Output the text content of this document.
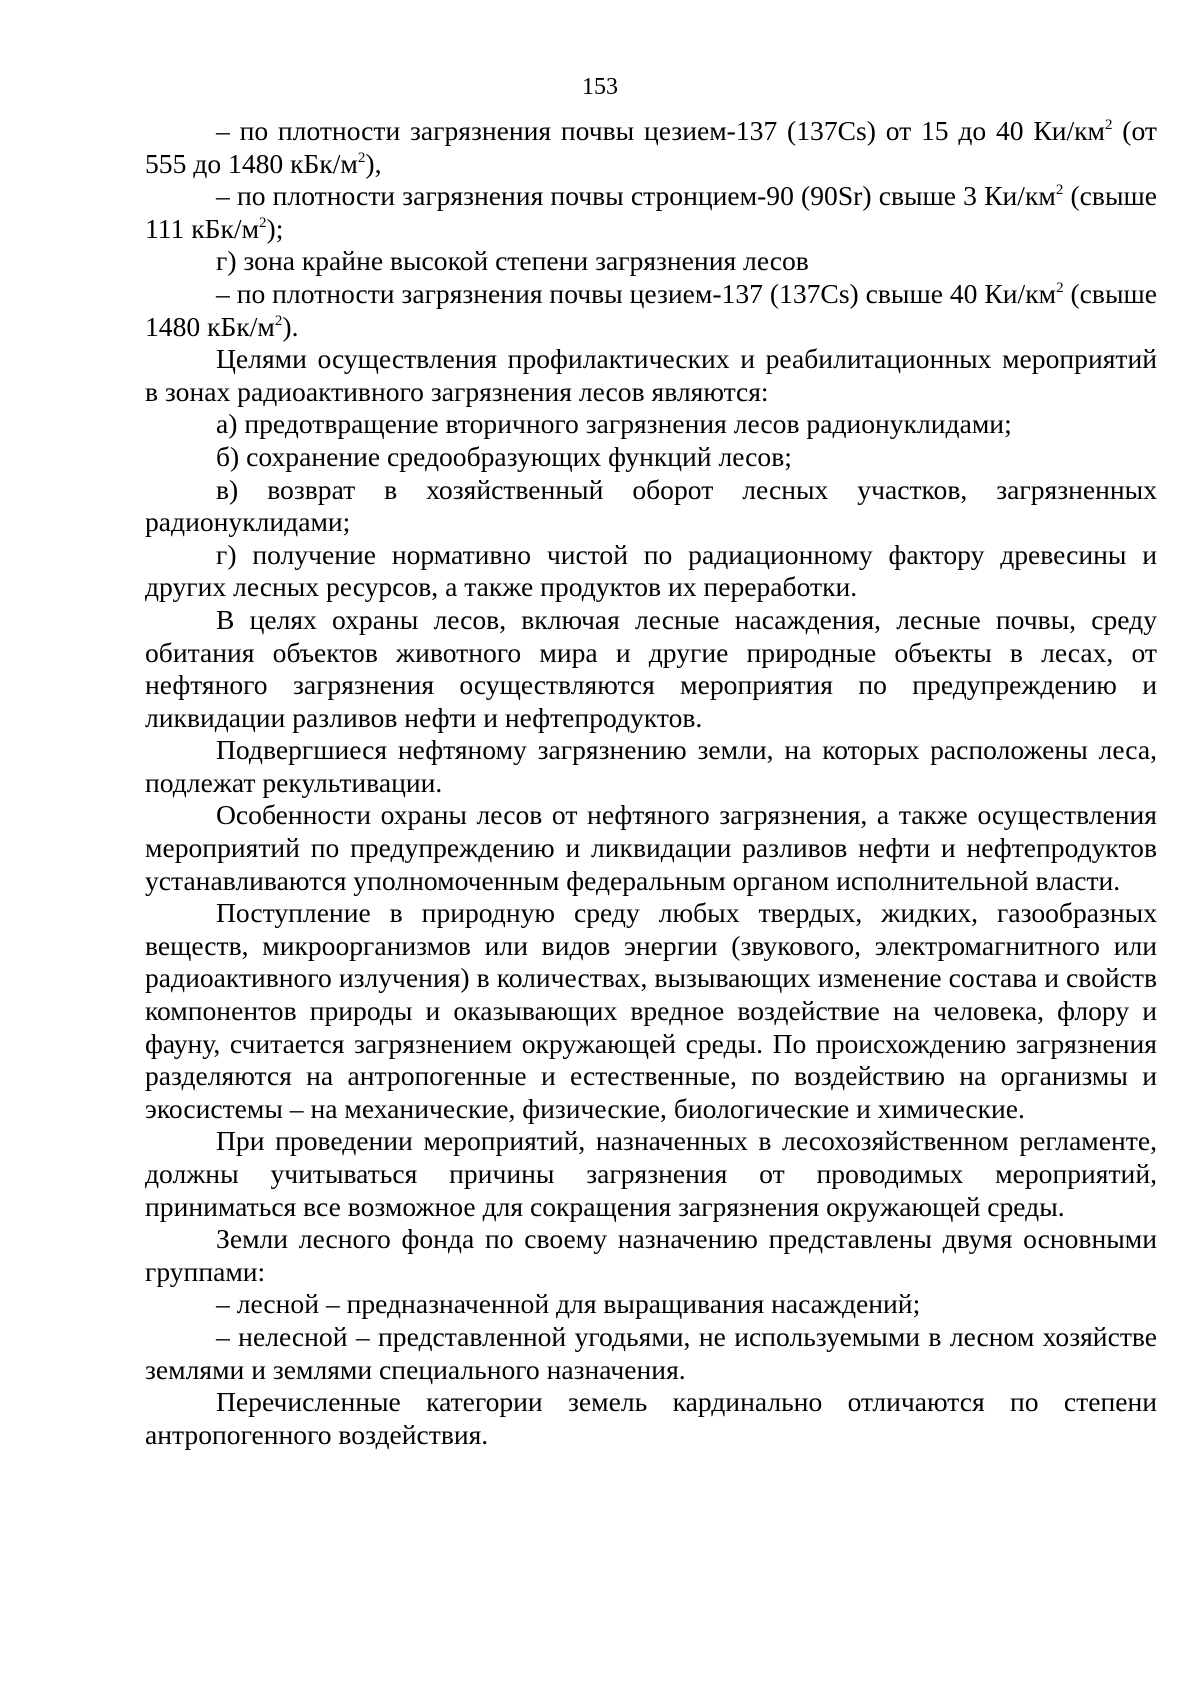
153

– по плотности загрязнения почвы цезием-137 (137Cs) от 15 до 40 $Ки/км^2$ (от 555 до 1480 кБк/$м^2$),

– по плотности загрязнения почвы стронцием-90 (90Sr) свыше 3 $Ки/км^2$ (свыше 111 кБк/$м^2$);

г) зона крайне высокой степени загрязнения лесов

– по плотности загрязнения почвы цезием-137 (137Cs) свыше 40 $Ки/км^2$ (свыше 1480 кБк/$м^2$).

Целями осуществления профилактических и реабилитационных мероприятий в зонах радиоактивного загрязнения лесов являются:

а) предотвращение вторичного загрязнения лесов радионуклидами;

б) сохранение средообразующих функций лесов;

в) возврат в хозяйственный оборот лесных участков, загрязненных радионуклидами;

г) получение нормативно чистой по радиационному фактору древесины и других лесных ресурсов, а также продуктов их переработки.

В целях охраны лесов, включая лесные насаждения, лесные почвы, среду обитания объектов животного мира и другие природные объекты в лесах, от нефтяного загрязнения осуществляются мероприятия по предупреждению и ликвидации разливов нефти и нефтепродуктов.

Подвергшиеся нефтяному загрязнению земли, на которых расположены леса, подлежат рекультивации.

Особенности охраны лесов от нефтяного загрязнения, а также осуществления мероприятий по предупреждению и ликвидации разливов нефти и нефтепродуктов устанавливаются уполномоченным федеральным органом исполнительной власти.

Поступление в природную среду любых твердых, жидких, газообразных веществ, микроорганизмов или видов энергии (звукового, электромагнитного или радиоактивного излучения) в количествах, вызывающих изменение состава и свойств компонентов природы и оказывающих вредное воздействие на человека, флору и фауну, считается загрязнением окружающей среды. По происхождению загрязнения разделяются на антропогенные и естественные, по воздействию на организмы и экосистемы – на механические, физические, биологические и химические.

При проведении мероприятий, назначенных в лесохозяйственном регламенте, должны учитываться причины загрязнения от проводимых мероприятий, приниматься все возможное для сокращения загрязнения окружающей среды.

Земли лесного фонда по своему назначению представлены двумя основными группами:

– лесной – предназначенной для выращивания насаждений;

– нелесной – представленной угодьями, не используемыми в лесном хозяйстве землями и землями специального назначения.

Перечисленные категории земель кардинально отличаются по степени антропогенного воздействия.
